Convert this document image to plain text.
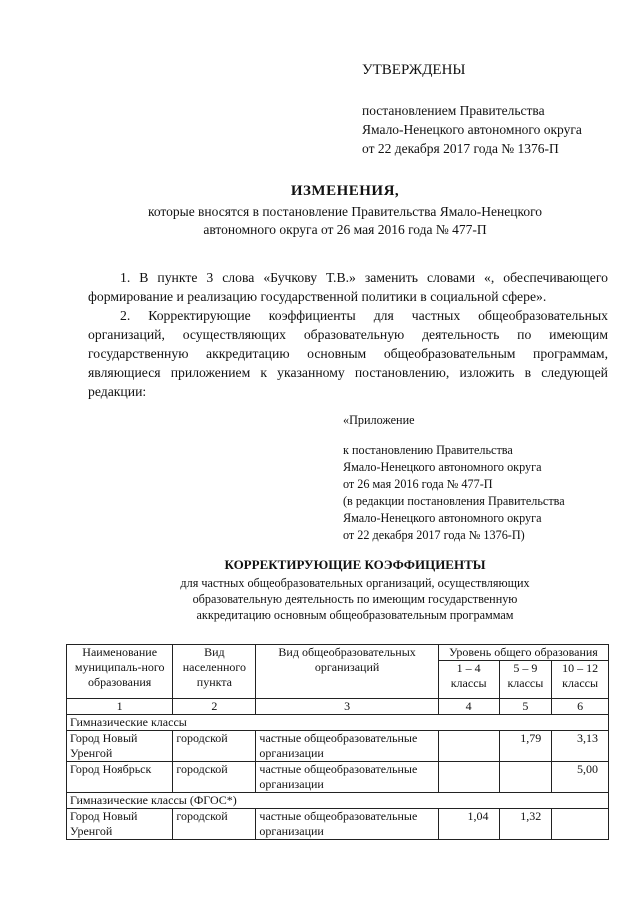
УТВЕРЖДЕНЫ
постановлением Правительства
Ямало-Ненецкого автономного округа
от 22 декабря 2017 года № 1376-П
ИЗМЕНЕНИЯ,
которые вносятся в постановление Правительства Ямало-Ненецкого
автономного округа от 26 мая 2016 года № 477-П

1. В пункте 3 слова «Бучкову Т.В.» заменить словами «, обеспечивающего формирование и реализацию государственной политики в социальной сфере».

2. Корректирующие коэффициенты для частных общеобразовательных организаций, осуществляющих образовательную деятельность по имеющим государственную аккредитацию основным общеобразовательным программам, являющиеся приложением к указанному постановлению, изложить в следующей редакции:

«Приложение
к постановлению Правительства
Ямало-Ненецкого автономного округа
от 26 мая 2016 года № 477-П
(в редакции постановления Правительства
Ямало-Ненецкого автономного округа
от 22 декабря 2017 года № 1376-П)
КОРРЕКТИРУЮЩИЕ КОЭФФИЦИЕНТЫ
для частных общеобразовательных организаций, осуществляющих
образовательную деятельность по имеющим государственную
аккредитацию основным общеобразовательным программам
Наименование муниципаль-ного образования	Вид населенного пункта	Вид общеобразовательных организаций	Уровень общего образования		
			1 – 4 классы	5 – 9 классы	10 – 12 классы
1	2	3	4	5	6
Гимназические классы					
Город Новый Уренгой	городской	частные общеобразовательные организации		1,79	3,13
Город Ноябрьск	городской	частные общеобразовательные организации			5,00
Гимназические классы (ФГОС*)					
Город Новый Уренгой	городской	частные общеобразовательные организации	1,04	1,32	
